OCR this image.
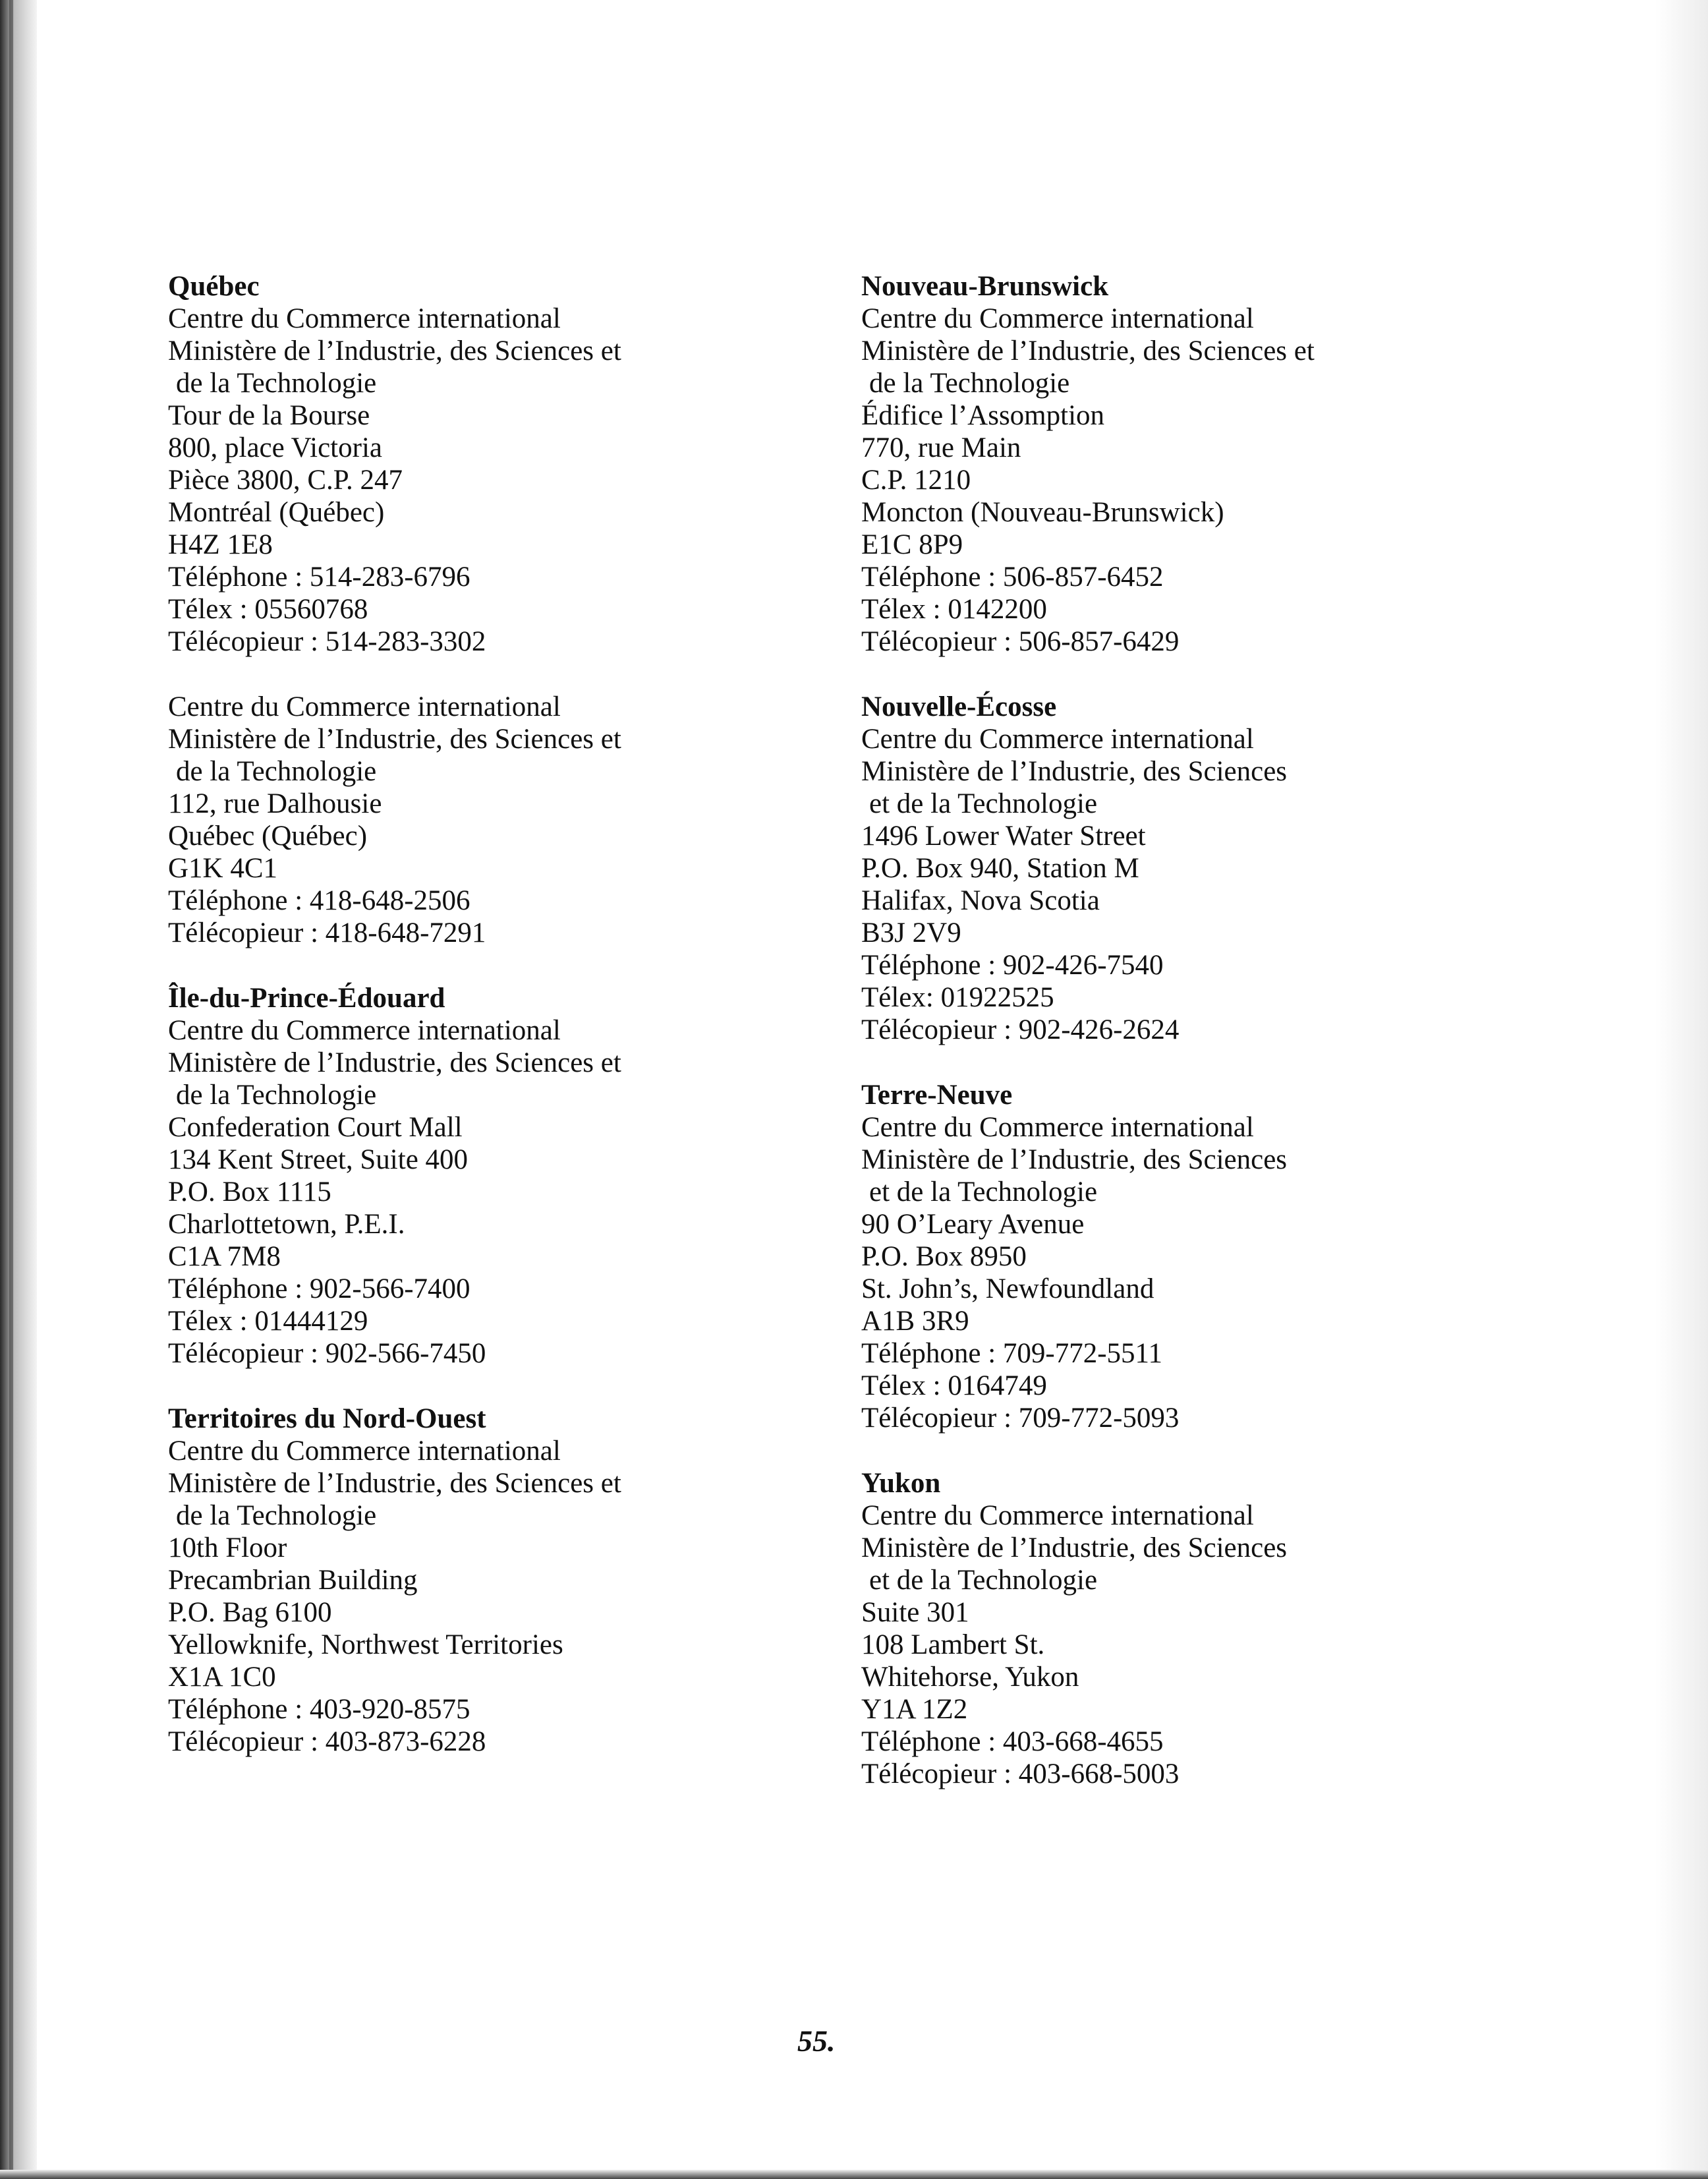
Québec
Centre du Commerce international
Ministère de l’Industrie, des Sciences et
de la Technologie
Tour de la Bourse
800, place Victoria
Pièce 3800, C.P. 247
Montréal (Québec)
H4Z 1E8
Téléphone : 514-283-6796
Télex : 05560768
Télécopieur : 514-283-3302
Centre du Commerce international
Ministère de l’Industrie, des Sciences et
de la Technologie
112, rue Dalhousie
Québec (Québec)
G1K 4C1
Téléphone : 418-648-2506
Télécopieur : 418-648-7291
Île-du-Prince-Édouard
Centre du Commerce international
Ministère de l’Industrie, des Sciences et
de la Technologie
Confederation Court Mall
134 Kent Street, Suite 400
P.O. Box 1115
Charlottetown, P.E.I.
C1A 7M8
Téléphone : 902-566-7400
Télex : 01444129
Télécopieur : 902-566-7450
Territoires du Nord-Ouest
Centre du Commerce international
Ministère de l’Industrie, des Sciences et
de la Technologie
10th Floor
Precambrian Building
P.O. Bag 6100
Yellowknife, Northwest Territories
X1A 1C0
Téléphone : 403-920-8575
Télécopieur : 403-873-6228
Nouveau-Brunswick
Centre du Commerce international
Ministère de l’Industrie, des Sciences et
de la Technologie
Édifice l’Assomption
770, rue Main
C.P. 1210
Moncton (Nouveau-Brunswick)
E1C 8P9
Téléphone : 506-857-6452
Télex : 0142200
Télécopieur : 506-857-6429
Nouvelle-Écosse
Centre du Commerce international
Ministère de l’Industrie, des Sciences
et de la Technologie
1496 Lower Water Street
P.O. Box 940, Station M
Halifax, Nova Scotia
B3J 2V9
Téléphone : 902-426-7540
Télex: 01922525
Télécopieur : 902-426-2624
Terre-Neuve
Centre du Commerce international
Ministère de l’Industrie, des Sciences
et de la Technologie
90 O’Leary Avenue
P.O. Box 8950
St. John’s, Newfoundland
A1B 3R9
Téléphone : 709-772-5511
Télex : 0164749
Télécopieur : 709-772-5093
Yukon
Centre du Commerce international
Ministère de l’Industrie, des Sciences
et de la Technologie
Suite 301
108 Lambert St.
Whitehorse, Yukon
Y1A 1Z2
Téléphone : 403-668-4655
Télécopieur : 403-668-5003
55.
